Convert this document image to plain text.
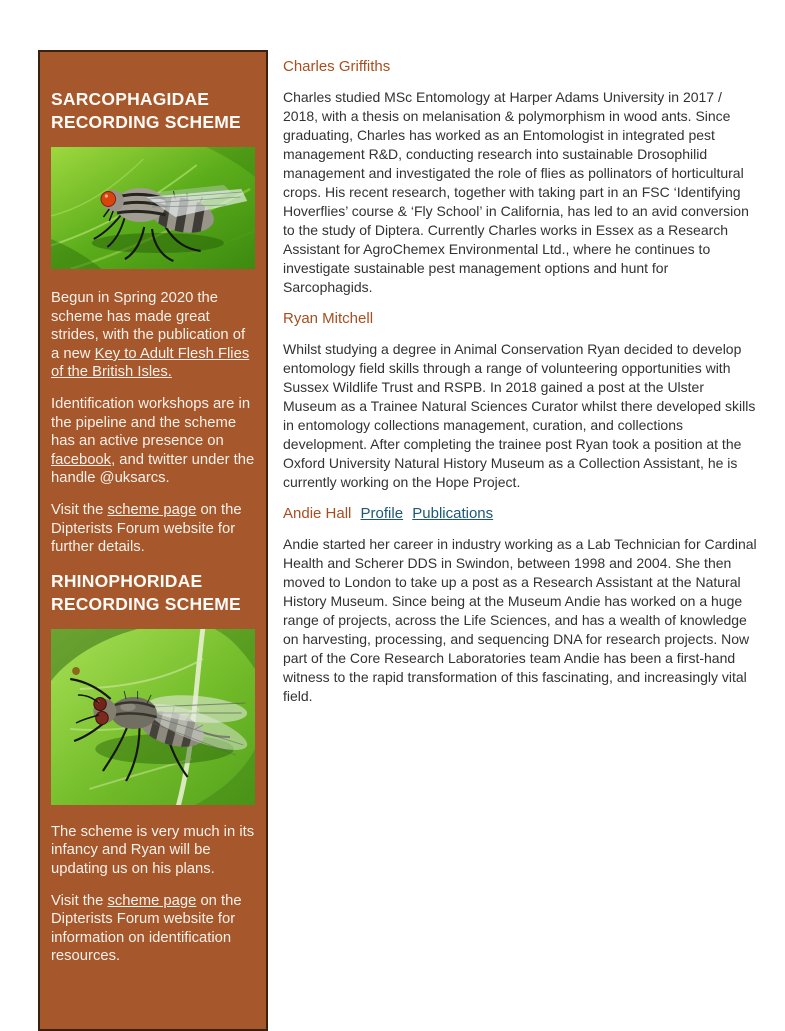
SARCOPHAGIDAE RECORDING SCHEME

Begun in Spring 2020 the scheme has made great strides, with the publication of a new Key to Adult Flesh Flies of the British Isles.

Identification workshops are in the pipeline and the scheme has an active presence on facebook, and twitter under the handle @uksarcs.

Visit the scheme page on the Dipterists Forum website for further details.

RHINOPHORIDAE RECORDING SCHEME

The scheme is very much in its infancy and Ryan will be updating us on his plans.

Visit the scheme page on the Dipterists Forum website for information on identification resources.

Charles Griffiths

Charles studied MSc Entomology at Harper Adams University in 2017 / 2018, with a thesis on melanisation & polymorphism in wood ants. Since graduating, Charles has worked as an Entomologist in integrated pest management R&D, conducting research into sustainable Drosophilid management and investigated the role of flies as pollinators of horticultural crops. His recent research, together with taking part in an FSC ‘Identifying Hoverflies’ course & ‘Fly School’ in California, has led to an avid conversion to the study of Diptera. Currently Charles works in Essex as a Research Assistant for AgroChemex Environmental Ltd., where he continues to investigate sustainable pest management options and hunt for Sarcophagids.

Ryan Mitchell

Whilst studying a degree in Animal Conservation Ryan decided to develop entomology field skills through a range of volunteering opportunities with Sussex Wildlife Trust and RSPB. In 2018 gained a post at the Ulster Museum as a Trainee Natural Sciences Curator whilst there developed skills in entomology collections management, curation, and collections development. After completing the trainee post Ryan took a position at the Oxford University Natural History Museum as a Collection Assistant, he is currently working on the Hope Project.

Andie Hall Profile Publications

Andie started her career in industry working as a Lab Technician for Cardinal Health and Scherer DDS in Swindon, between 1998 and 2004. She then moved to London to take up a post as a Research Assistant at the Natural History Museum. Since being at the Museum Andie has worked on a huge range of projects, across the Life Sciences, and has a wealth of knowledge on harvesting, processing, and sequencing DNA for research projects. Now part of the Core Research Laboratories team Andie has been a first-hand witness to the rapid transformation of this fascinating, and increasingly vital field.
